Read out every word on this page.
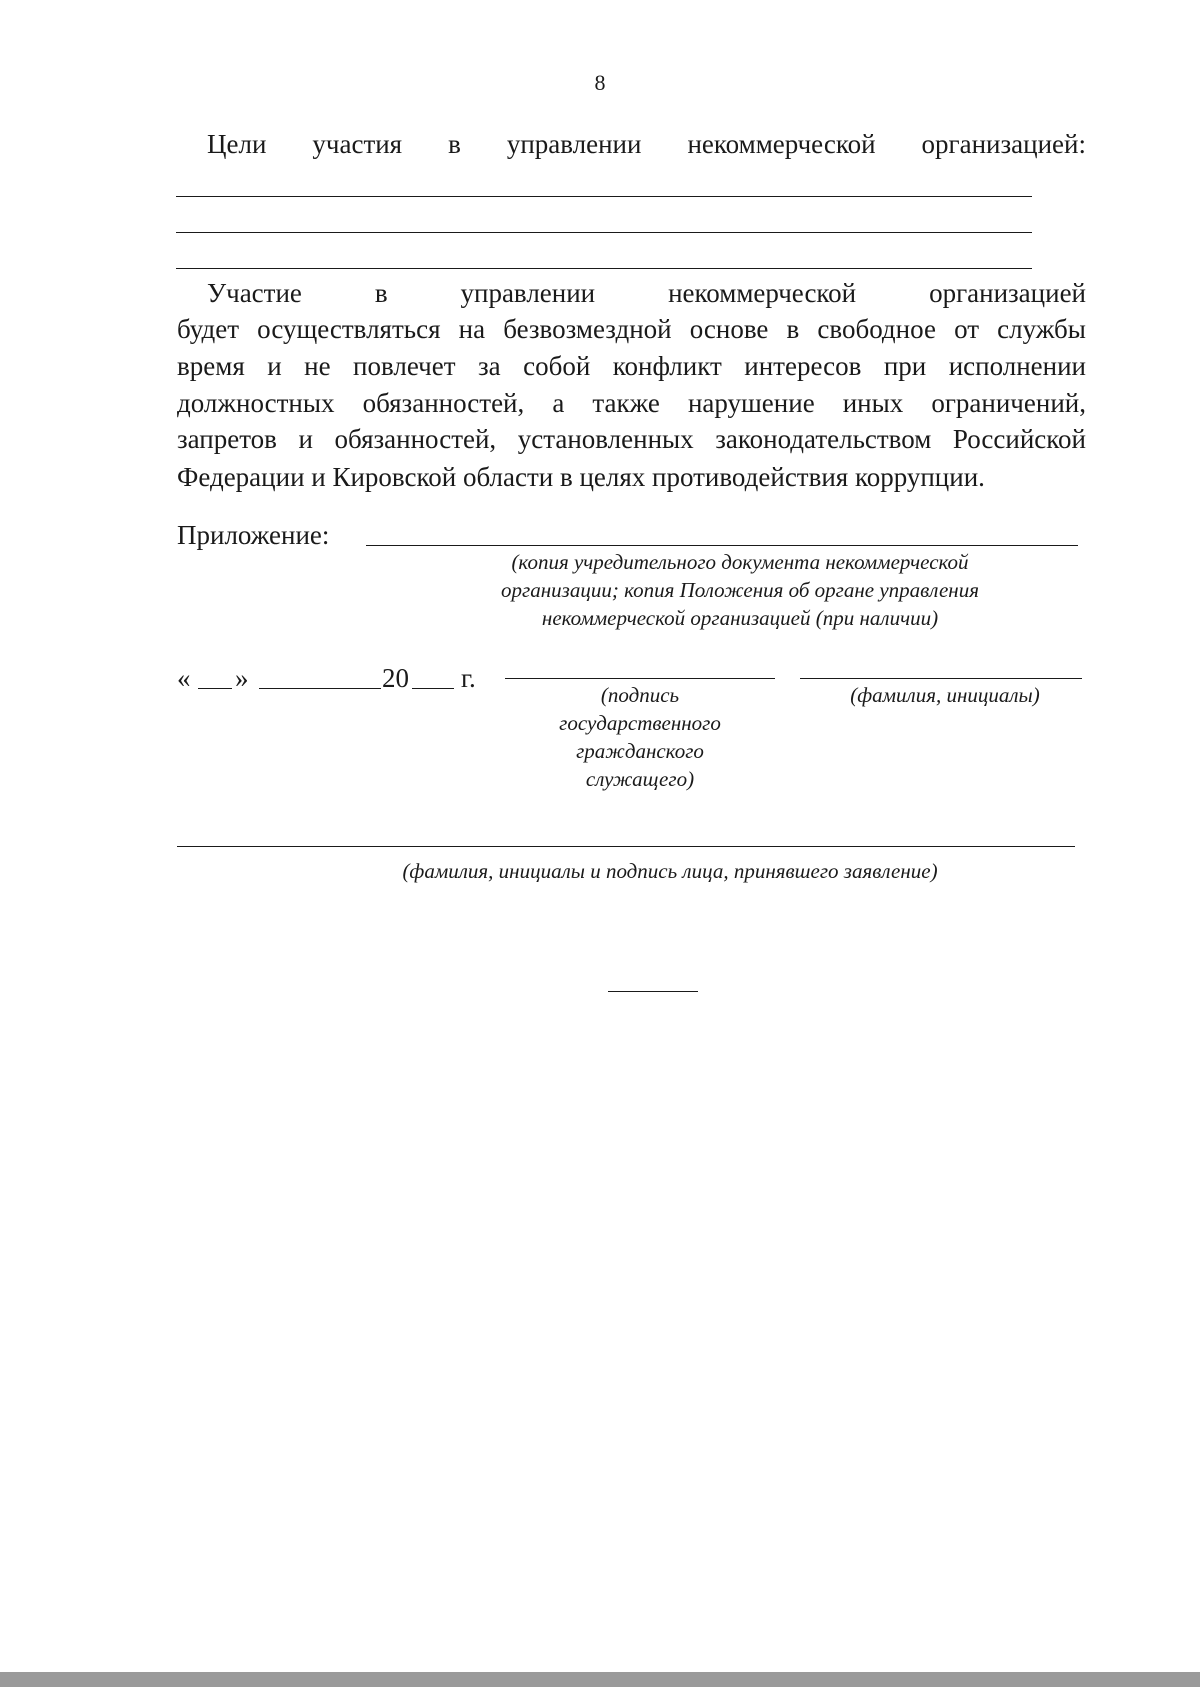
8
Цели участия в управлении некоммерческой организацией:
Участие	в	управлении	некоммерческой	организацией
будет осуществляться на безвозмездной основе в свободное от службы
время и не повлечет за собой конфликт интересов при исполнении
должностных обязанностей, а также нарушение иных ограничений,
запретов и обязанностей, установленных законодательством Российской
Федерации и Кировской области в целях противодействия коррупции.
Приложение:
(копия учредительного документа некоммерческой
организации; копия Положения об органе управления
некоммерческой организацией (при наличии)
« »	20 г.
(подпись
государственного
гражданского
служащего)
(фамилия, инициалы)
(фамилия, инициалы и подпись лица, принявшего заявление)
